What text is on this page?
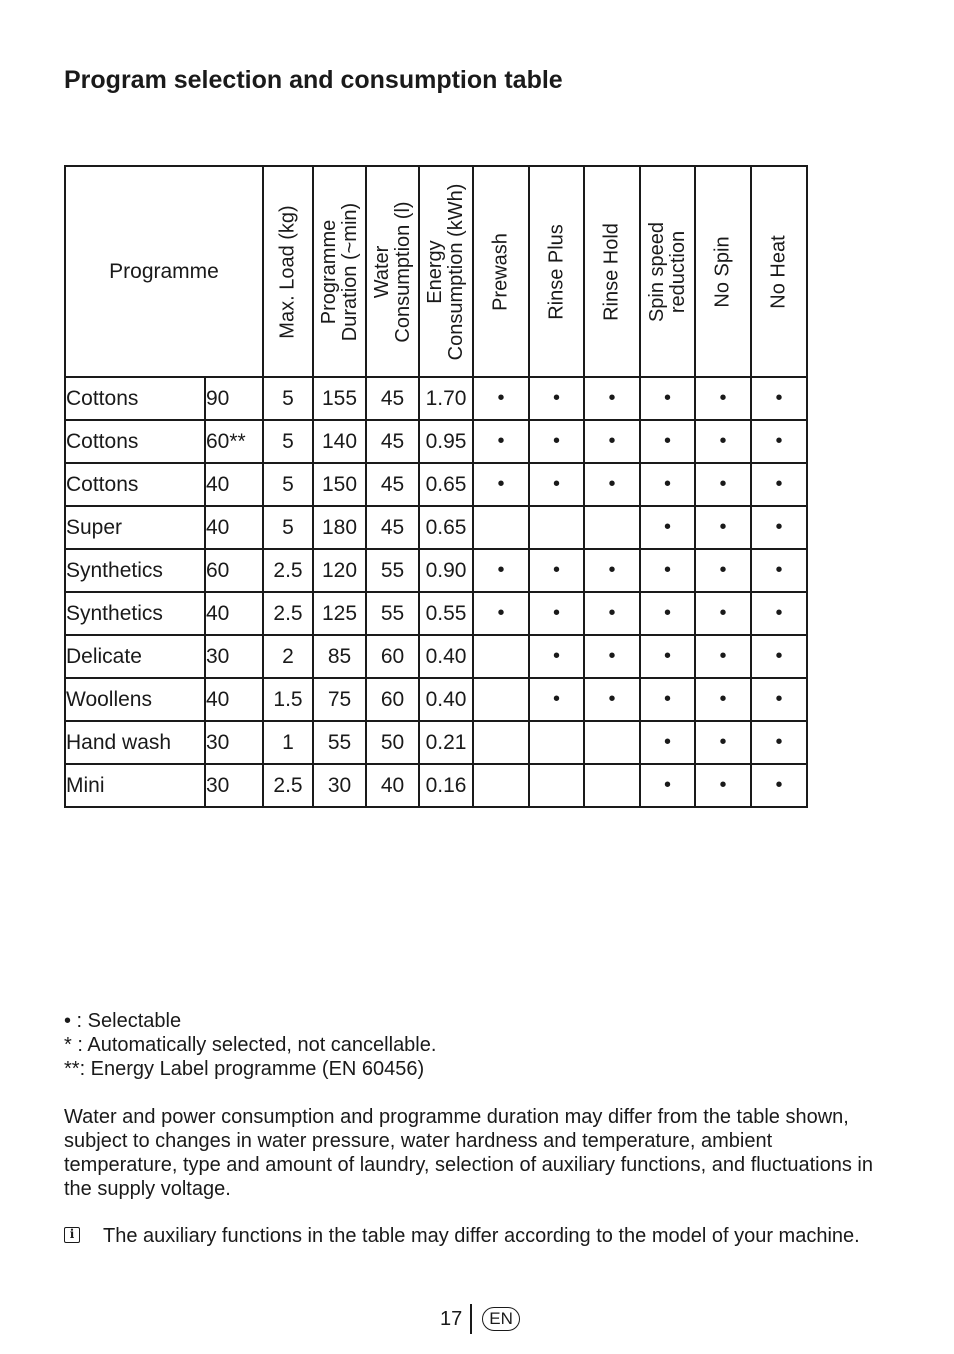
Program selection and consumption table
Programme		Max. Load (kg)	Programme Duration (~min)	Water Consumption (l)	Energy Consumption (kWh)	Prewash	Rinse Plus	Rinse Hold	Spin speed reduction	No Spin	No Heat

Cottons	90	5	155	45	1.70	•	•	•	•	•	•
Cottons	60**	5	140	45	0.95	•	•	•	•	•	•
Cottons	40	5	150	45	0.65	•	•	•	•	•	•
Super	40	5	180	45	0.65				•	•	•
Synthetics	60	2.5	120	55	0.90	•	•	•	•	•	•
Synthetics	40	2.5	125	55	0.55	•	•	•	•	•	•
Delicate	30	2	85	60	0.40		•	•	•	•	•
Woollens	40	1.5	75	60	0.40		•	•	•	•	•
Hand wash	30	1	55	50	0.21				•	•	•
Mini	30	2.5	30	40	0.16				•	•	•
• : Selectable
* : Automatically selected, not cancellable.
**: Energy Label programme (EN 60456)

Water and power consumption and programme duration may differ from the table shown, subject to changes in water pressure, water hardness and temperature, ambient temperature, type and amount of laundry, selection of auxiliary functions, and fluctuations in the supply voltage.

i The auxiliary functions in the table may differ according to the model of your machine.
17	EN
